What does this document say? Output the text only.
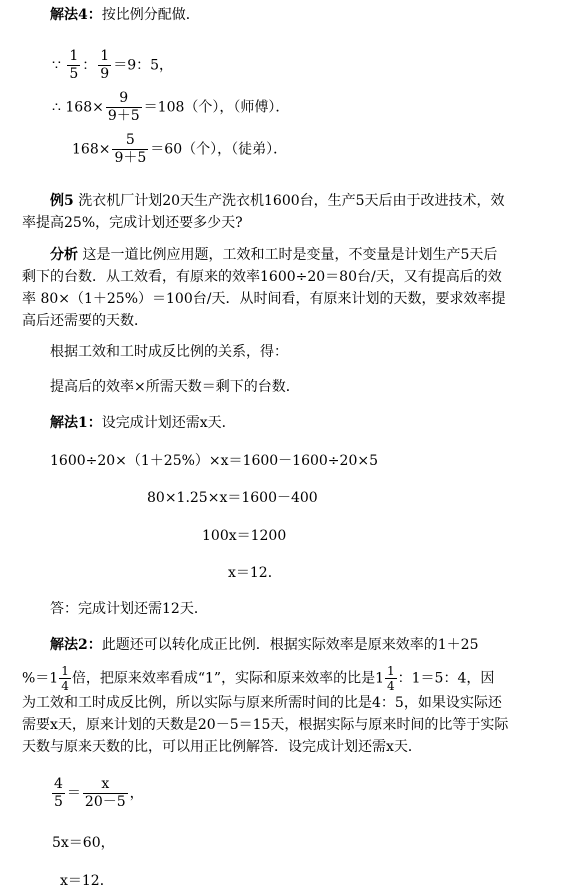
解法4：按比例分配做．
∵ $\frac{1}{5}$ ： $\frac{1}{9} =9$：5，
∴ $168\times \frac{9}{9+5} =108$（个），（师傅）．
$168\times \frac{5}{9+5} =60$（个），（徒弟）．
例5 洗衣机厂计划20天生产洗衣机1600台，生产5天后由于改进技术，效
率提高25%，完成计划还要多少天?
分析 这是一道比例应用题，工效和工时是变量，不变量是计划生产5天后
剩下的台数．从工效看，有原来的效率1600÷20＝80台/天，又有提高后的效
率 80×（1＋25%）＝100台/天．从时间看，有原来计划的天数，要求效率提
高后还需要的天数．
根据工效和工时成反比例的关系，得：
提高后的效率×所需天数＝剩下的台数．
解法1：设完成计划还需x天．
1600÷20×（1＋25%）×x＝1600－1600÷20×5
80×1.25×x＝1600－400
100x＝1200
x＝12．
答：完成计划还需12天．
解法2：此题还可以转化成正比例．根据实际效率是原来效率的1＋25
$\%=1 \frac{1}{4}$ 倍，把原来效率看成“1”，实际和原来效率的比是$1 \frac{1}{4}$ ：1＝5：4，因
为工效和工时成反比例，所以实际与原来所需时间的比是4：5，如果设实际还
需要x天，原来计划的天数是20－5＝15天，根据实际与原来时间的比等于实际
天数与原来天数的比，可以用正比例解答．设完成计划还需x天．
$\frac{4}{5} = \frac{x}{20-5}$ ，
5x＝60，
x＝12．
